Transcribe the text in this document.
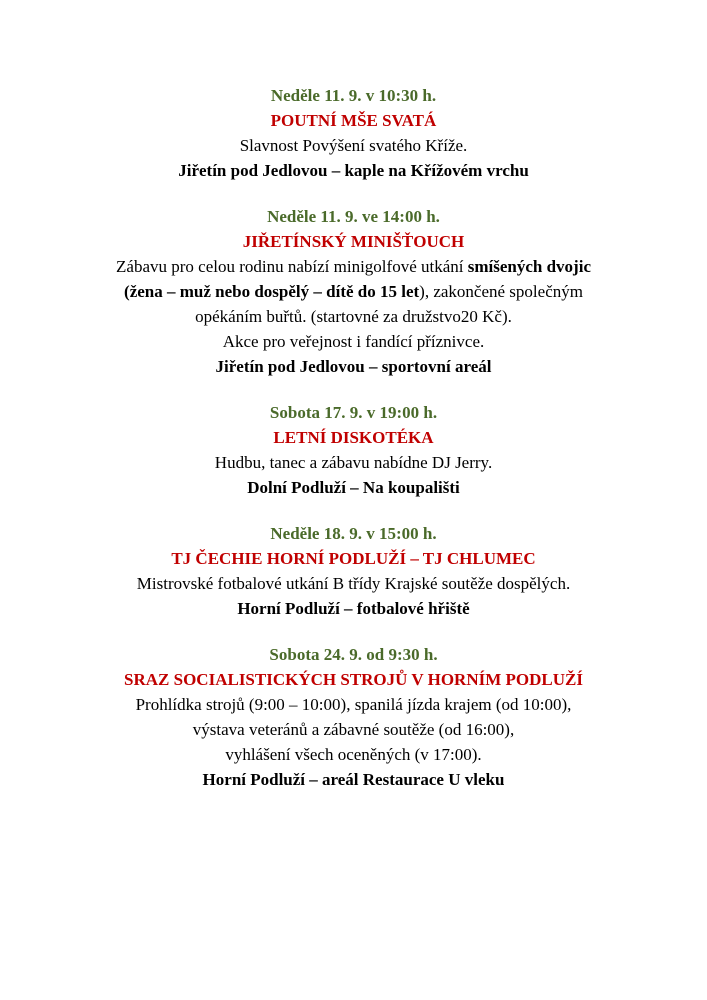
Neděle 11. 9. v 10:30 h.
POUTNÍ MŠE SVATÁ
Slavnost Povýšení svatého Kříže.
Jiřetín pod Jedlovou – kaple na Křížovém vrchu
Neděle 11. 9. ve 14:00 h.
JIŘETÍNSKÝ MINIŠŤOUCH
Zábavu pro celou rodinu nabízí minigolfové utkání smíšených dvojic
(žena – muž nebo dospělý – dítě do 15 let), zakončené společným
opékáním buřtů. (startovné za družstvo20 Kč).
Akce pro veřejnost i fandící příznivce.
Jiřetín pod Jedlovou – sportovní areál
Sobota 17. 9. v 19:00 h.
LETNÍ DISKOTÉKA
Hudbu, tanec a zábavu nabídne DJ Jerry.
Dolní Podluží – Na koupališti
Neděle 18. 9. v 15:00 h.
TJ ČECHIE HORNÍ PODLUŽÍ – TJ CHLUMEC
Mistrovské fotbalové utkání B třídy Krajské soutěže dospělých.
Horní Podluží – fotbalové hřiště
Sobota 24. 9. od 9:30 h.
SRAZ SOCIALISTICKÝCH STROJŮ V HORNÍM PODLUŽÍ
Prohlídka strojů (9:00 – 10:00), spanilá jízda krajem (od 10:00),
výstava veteránů a zábavné soutěže (od 16:00),
vyhlášení všech oceněných (v 17:00).
Horní Podluží – areál Restaurace U vleku
